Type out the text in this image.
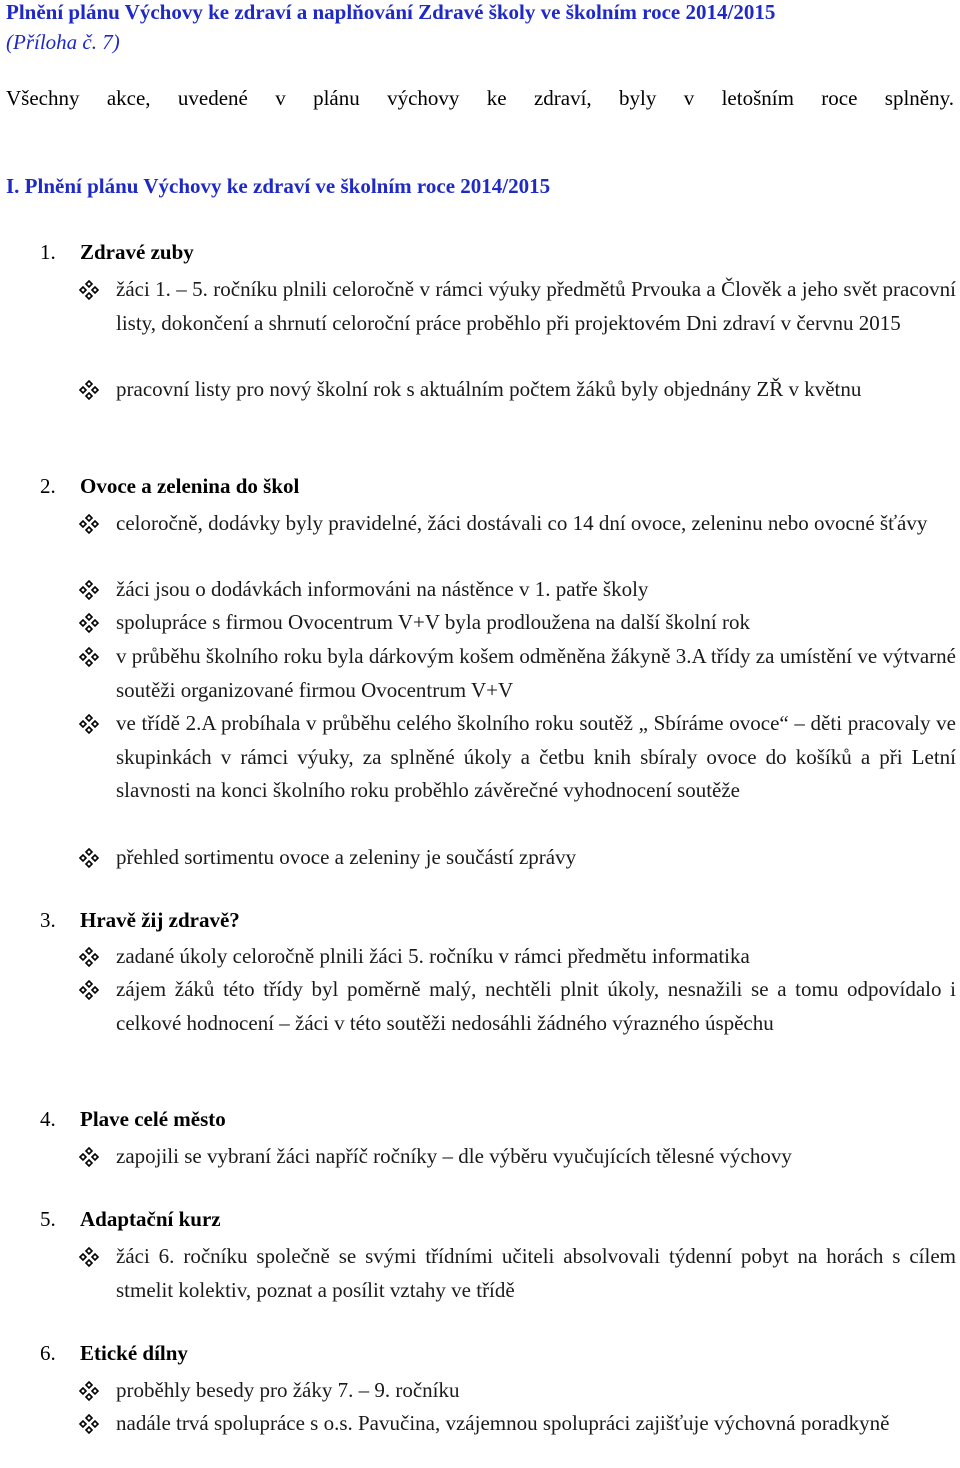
Plnění plánu Výchovy ke zdraví a naplňování Zdravé školy ve školním roce 2014/2015
(Příloha č. 7)
Všechny akce, uvedené v plánu výchovy ke zdraví, byly v letošním roce splněny.
I. Plnění plánu Výchovy ke zdraví ve školním roce 2014/2015
1. Zdravé zuby
žáci 1. – 5. ročníku plnili celoročně v rámci výuky předmětů Prvouka a Člověk a jeho svět pracovní listy, dokončení a shrnutí celoroční práce proběhlo při projektovém Dni zdraví v červnu 2015
pracovní listy pro nový školní rok s aktuálním počtem žáků byly objednány ZŘ v květnu
2. Ovoce a zelenina do škol
celoročně, dodávky byly pravidelné, žáci dostávali co 14 dní ovoce, zeleninu nebo ovocné šťávy
žáci jsou o dodávkách informováni na nástěnce v 1. patře školy
spolupráce s firmou Ovocentrum V+V byla prodloužena na další školní rok
v průběhu školního roku byla dárkovým košem odměněna žákyně 3.A třídy za umístění ve výtvarné soutěži organizované firmou Ovocentrum V+V
ve třídě 2.A probíhala v průběhu celého školního roku soutěž „ Sbíráme ovoce“ – děti pracovaly ve skupinkách v rámci výuky, za splněné úkoly a četbu knih sbíraly ovoce do košíků a při Letní slavnosti na konci školního roku proběhlo závěrečné vyhodnocení soutěže
přehled sortimentu ovoce a zeleniny je součástí zprávy
3. Hravě žij zdravě?
zadané úkoly celoročně plnili žáci 5. ročníku v rámci předmětu informatika
zájem žáků této třídy byl poměrně malý, nechtěli plnit úkoly, nesnažili se a tomu odpovídalo i celkové hodnocení – žáci v této soutěži nedosáhli žádného výrazného úspěchu
4. Plave celé město
zapojili se vybraní žáci napříč ročníky – dle výběru vyučujících tělesné výchovy
5. Adaptační kurz
žáci 6. ročníku společně se svými třídními učiteli absolvovali týdenní pobyt na horách s cílem stmelit kolektiv, poznat a posílit vztahy ve třídě
6. Etické dílny
proběhly besedy pro žáky 7. – 9. ročníku
nadále trvá spolupráce s o.s. Pavučina, vzájemnou spolupráci zajišťuje výchovná poradkyně
